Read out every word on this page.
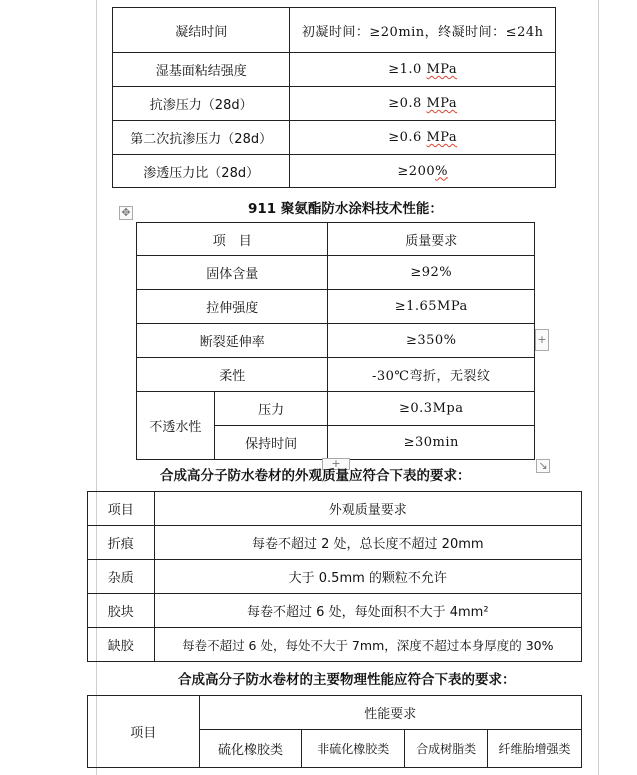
凝结时间	初凝时间：≥20min，终凝时间：≤24h
湿基面粘结强度	≥1.0 MPa
抗渗压力（28d）	≥0.8 MPa
第二次抗渗压力（28d）	≥0.6 MPa
渗透压力比（28d）	≥200%
911 聚氨酯防水涂料技术性能：
✥
项　目		质量要求
固体含量		≥92%
拉伸强度		≥1.65MPa
断裂延伸率		≥350%
柔性		-30℃弯折，无裂纹
不透水性	压力	≥0.3Mpa
	保持时间	≥30min
+
+	↘
合成高分子防水卷材的外观质量应符合下表的要求：
项目	外观质量要求
折痕	每卷不超过 2 处，总长度不超过 20mm
杂质	大于 0.5mm 的颗粒不允许
胶块	每卷不超过 6 处，每处面积不大于 4mm²
缺胶	每卷不超过 6 处，每处不大于 7mm，深度不超过本身厚度的 30%
合成高分子防水卷材的主要物理性能应符合下表的要求：
项目	性能要求			
	硫化橡胶类	非硫化橡胶类	合成树脂类	纤维胎增强类
